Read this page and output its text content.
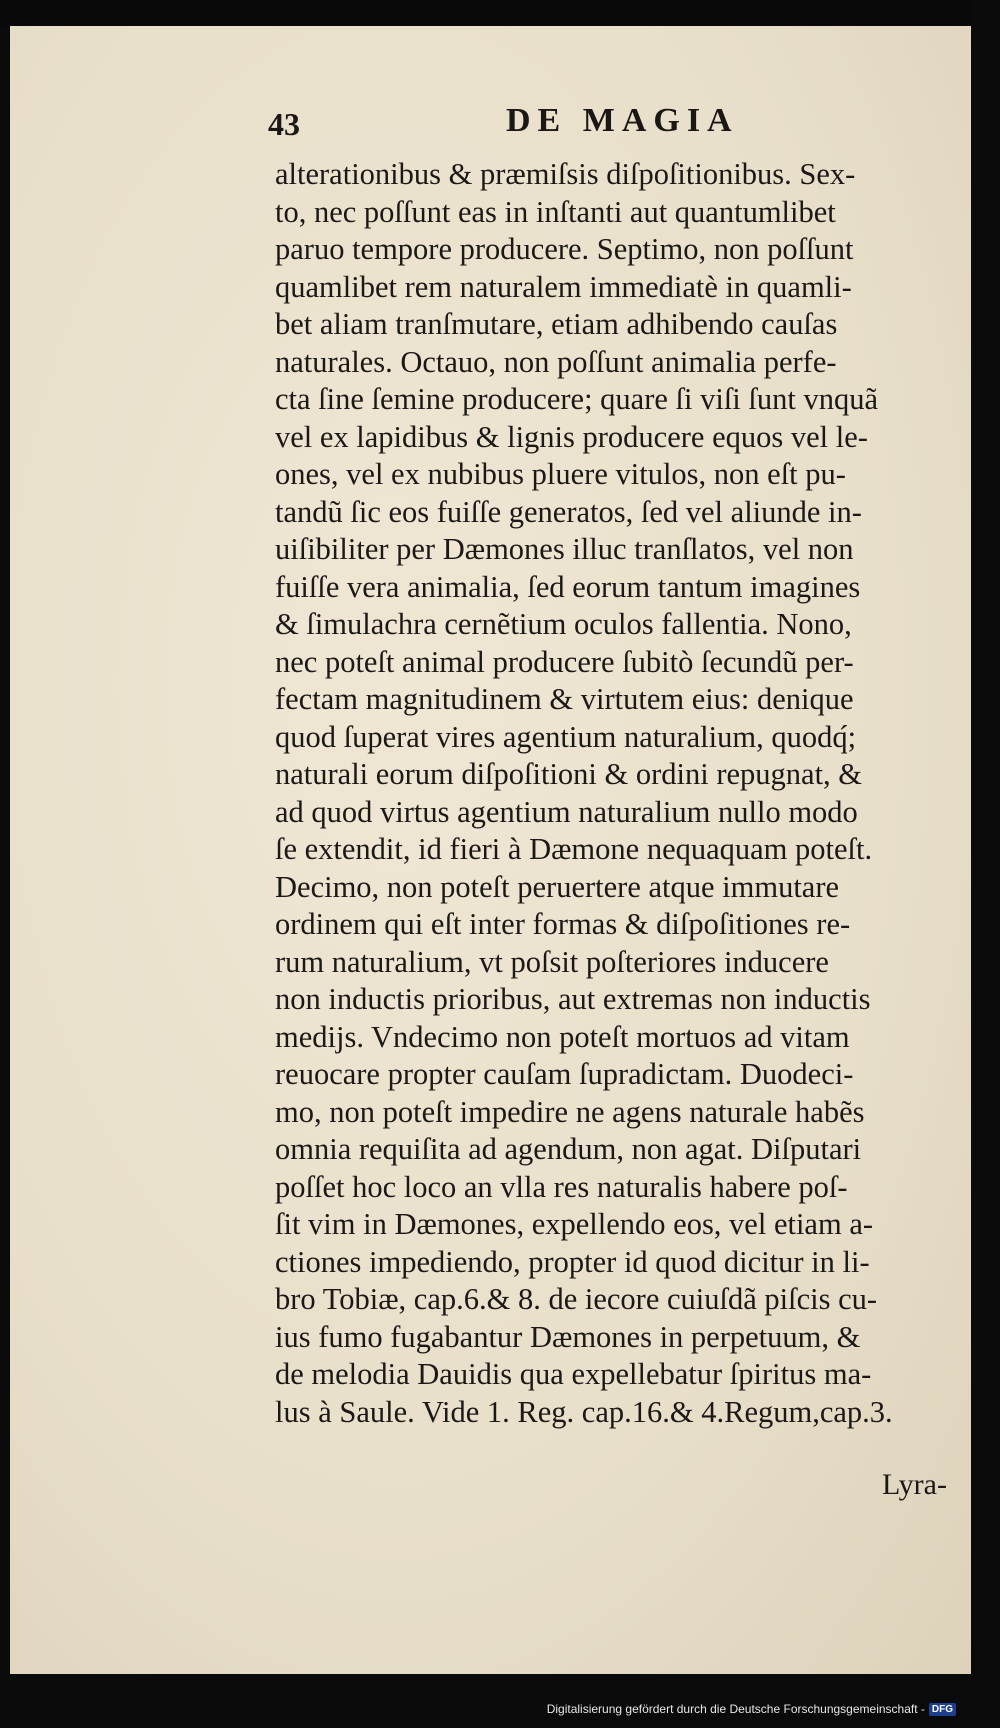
43	DE MAGIA
alterationibus & præmiſsis diſpoſitionibus. Sex-
to, nec poſſunt eas in inſtanti aut quantumlibet
paruo tempore producere. Septimo, non poſſunt
quamlibet rem naturalem immediatè in quamli-
bet aliam tranſmutare, etiam adhibendo cauſas
naturales. Octauo, non poſſunt animalia perfe-
cta ſine ſemine producere; quare ſi viſi ſunt vnquã
vel ex lapidibus & lignis producere equos vel le-
ones, vel ex nubibus pluere vitulos, non eſt pu-
tandũ ſic eos fuiſſe generatos, ſed vel aliunde in-
uiſibiliter per Dæmones illuc tranſlatos, vel non
fuiſſe vera animalia, ſed eorum tantum imagines
& ſimulachra cernẽtium oculos fallentia. Nono,
nec poteſt animal producere ſubitò ſecundũ per-
fectam magnitudinem & virtutem eius: denique
quod ſuperat vires agentium naturalium, quodq́;
naturali eorum diſpoſitioni & ordini repugnat, &
ad quod virtus agentium naturalium nullo modo
ſe extendit, id fieri à Dæmone nequaquam poteſt.
Decimo, non poteſt peruertere atque immutare
ordinem qui eſt inter formas & diſpoſitiones re-
rum naturalium, vt poſsit poſteriores inducere
non inductis prioribus, aut extremas non inductis
medijs. Vndecimo non poteſt mortuos ad vitam
reuocare propter cauſam ſupradictam. Duodeci-
mo, non poteſt impedire ne agens naturale habẽs
omnia requiſita ad agendum, non agat. Diſputari
poſſet hoc loco an vlla res naturalis habere poſ-
ſit vim in Dæmones, expellendo eos, vel etiam a-
ctiones impediendo, propter id quod dicitur in li-
bro Tobiæ, cap.6.& 8. de iecore cuiuſdã piſcis cu-
ius fumo fugabantur Dæmones in perpetuum, &
de melodia Dauidis qua expellebatur ſpiritus ma-
lus à Saule. Vide 1. Reg. cap.16.& 4.Regum,cap.3.
Lyra-
Digitalisierung gefördert durch die Deutsche Forschungsgemeinschaft - DFG
